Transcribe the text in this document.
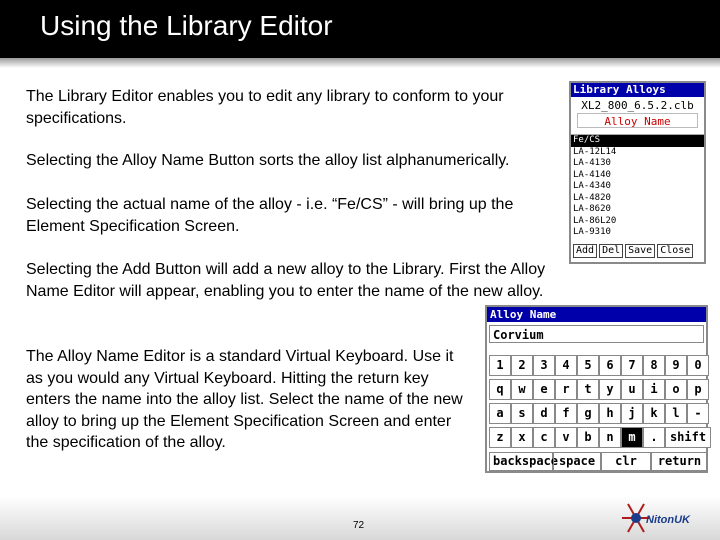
Using the Library Editor
The Library Editor enables you to edit any library to conform to your specifications.
Selecting the Alloy Name Button sorts the alloy list alphanumerically.
Selecting the actual name of the alloy - i.e. “Fe/CS” - will bring up the Element Specification Screen.
Selecting the Add Button will add a new alloy to the Library. First the Alloy Name Editor will appear, enabling you to enter the name of the new alloy.
The Alloy Name Editor is a standard Virtual Keyboard. Use it as you would any Virtual Keyboard. Hitting the return key enters the name into the alloy list. Select the name of the new alloy to bring up the Element Specification Screen and enter the specification of the alloy.
Library Alloys
XL2_800_6.5.2.clb
Alloy Name
Fe/CS
LA-12L14
LA-4130
LA-4140
LA-4340
LA-4820
LA-8620
LA-86L20
LA-9310
Add Del Save Close
Alloy Name
Corvium
1	2	3	4	5	6	7	8	9	0
q	w	e	r	t	y	u	i	o	p
a	s	d	f	g	h	j	k	l	-
z	x	c	v	b	n	m	.	shift
backspace space	clr	return
72	NitonUK
